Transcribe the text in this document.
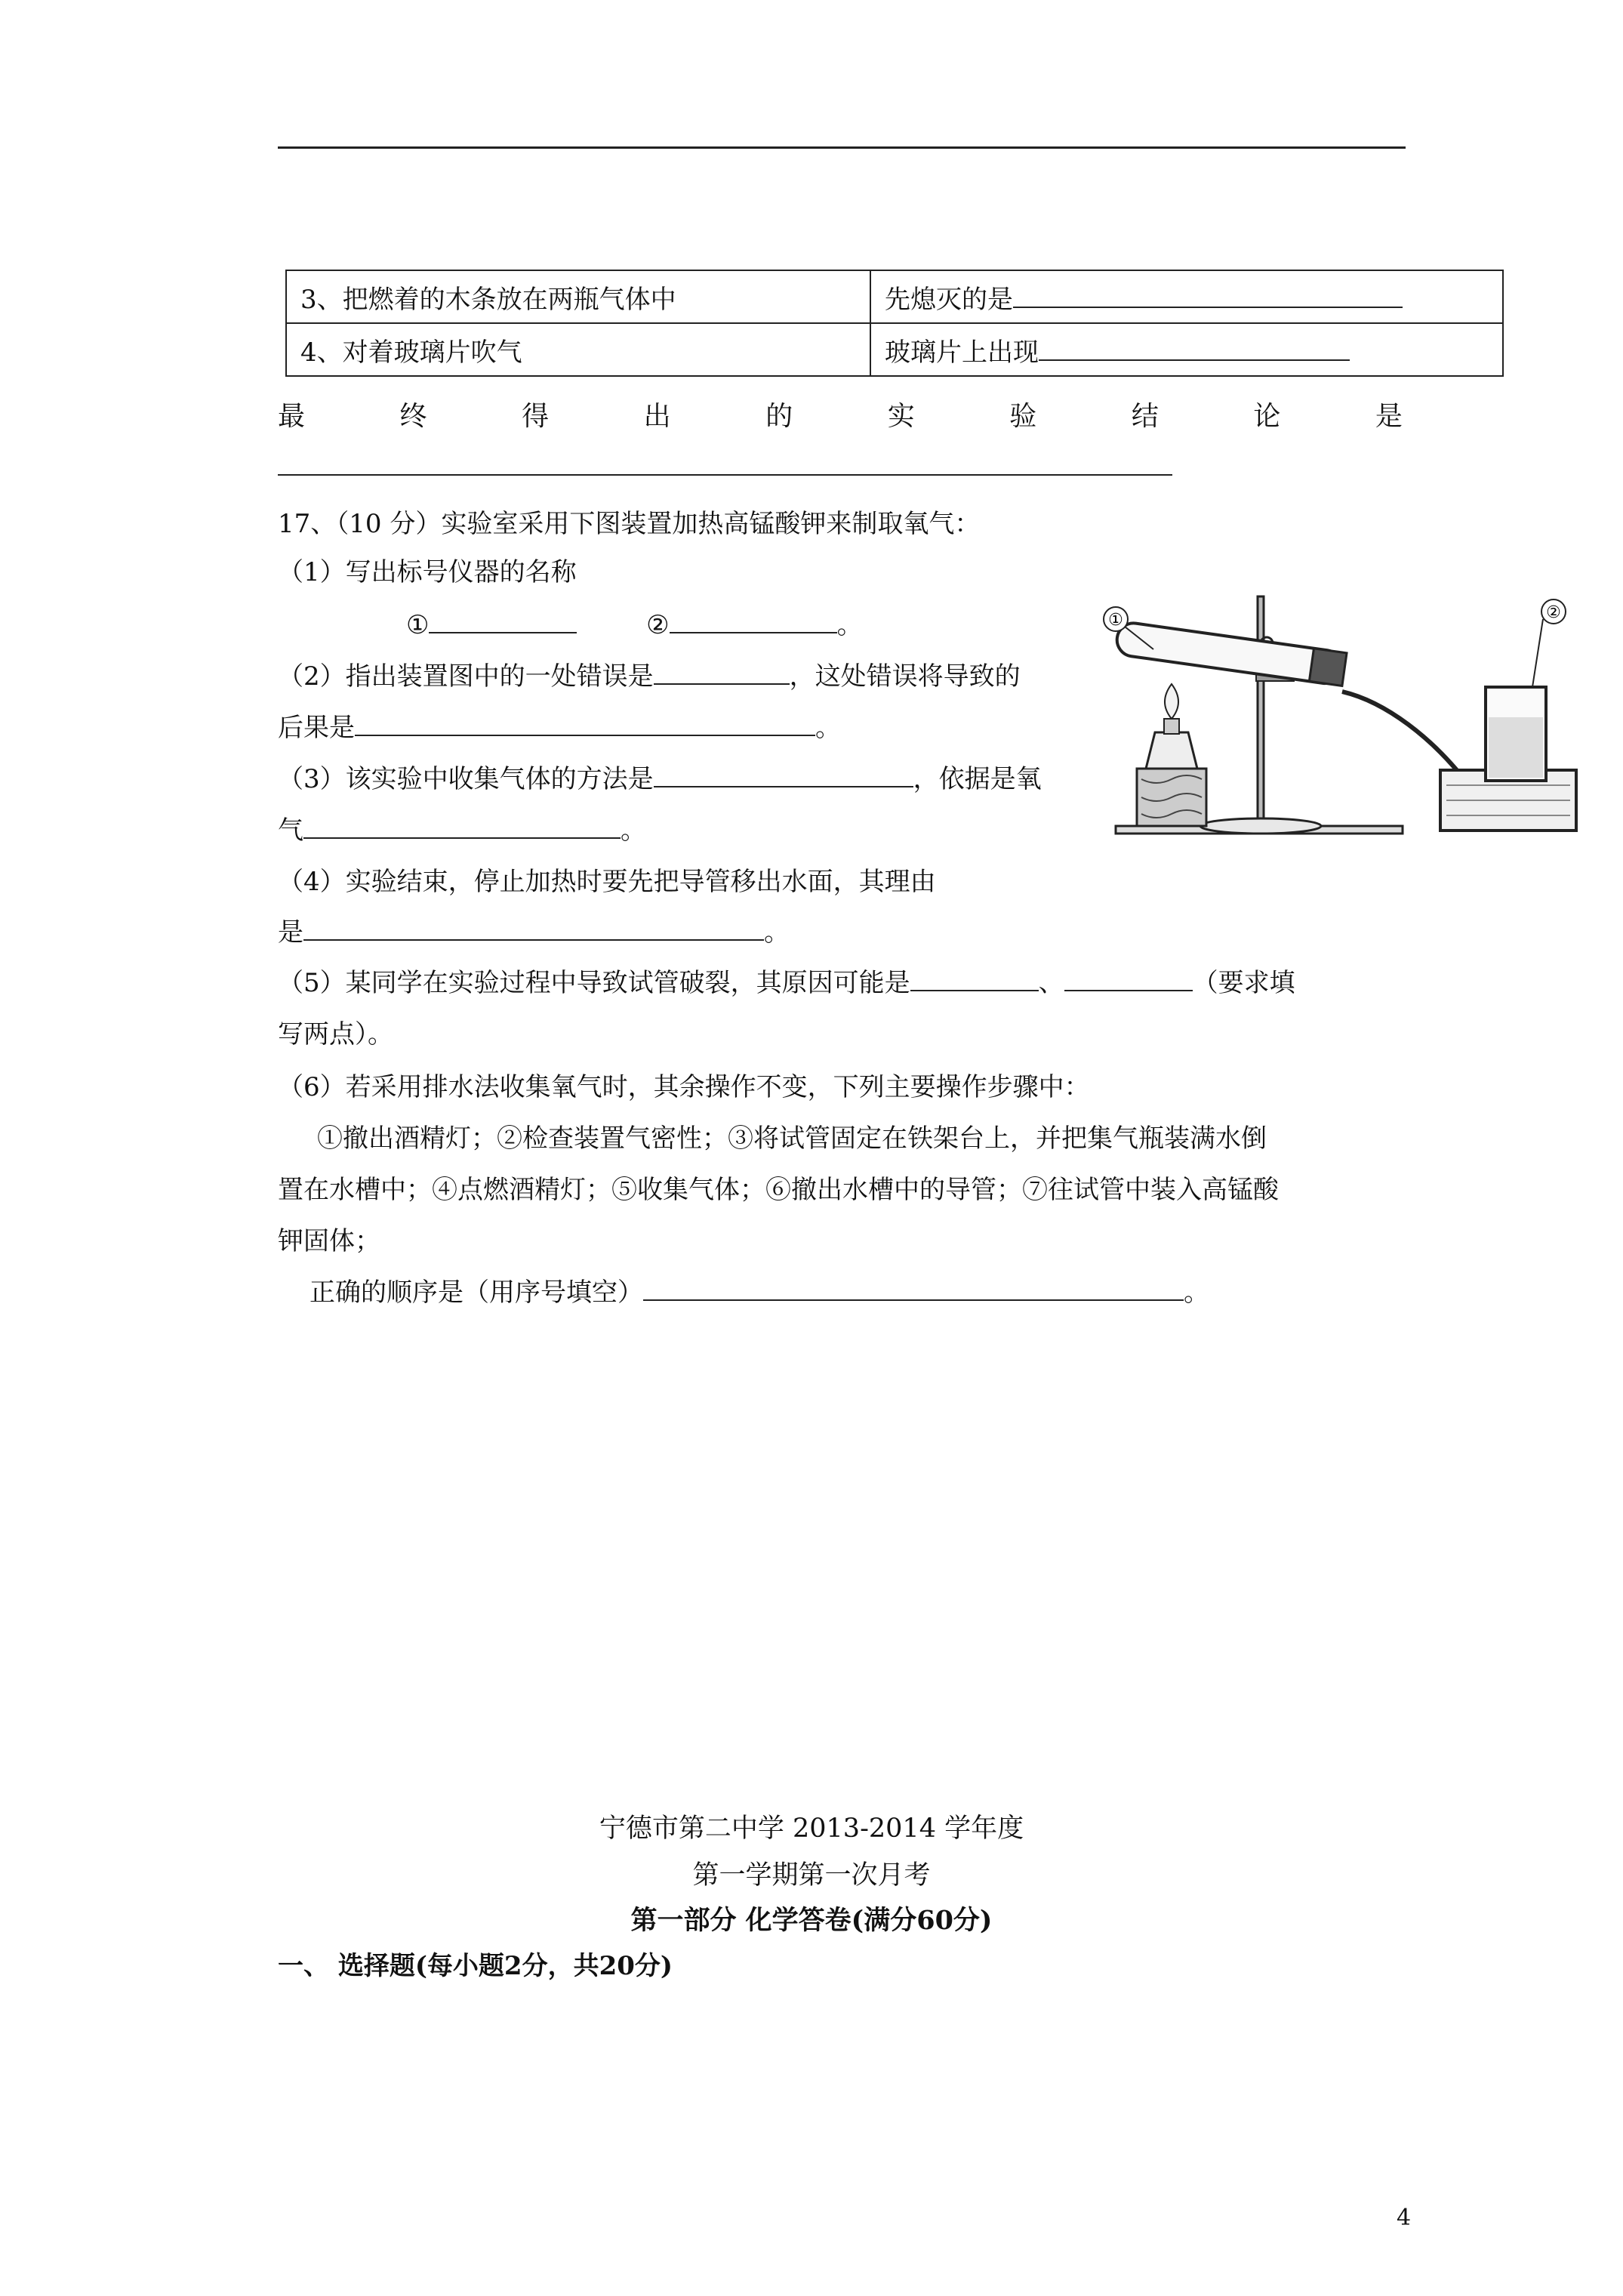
3、把燃着的木条放在两瓶气体中	先熄灭的是
4、对着玻璃片吹气	玻璃片上出现
最	终	得	出	的	实	验	结	论	是
17、（10 分）实验室采用下图装置加热高锰酸钾来制取氧气：
（1）写出标号仪器的名称
①	②	。
（2）指出装置图中的一处错误是	，这处错误将导致的
后果是	。
（3）该实验中收集气体的方法是	，依据是氧
气	。
（4）实验结束，停止加热时要先把导管移出水面，其理由
是	。
（5）某同学在实验过程中导致试管破裂，其原因可能是	、	（要求填
写两点）。
（6）若采用排水法收集氧气时，其余操作不变，下列主要操作步骤中：
①撤出酒精灯；②检查装置气密性；③将试管固定在铁架台上，并把集气瓶装满水倒
置在水槽中；④点燃酒精灯；⑤收集气体；⑥撤出水槽中的导管；⑦往试管中装入高锰酸
钾固体；
正确的顺序是（用序号填空）	。
①	②
宁德市第二中学 2013-2014 学年度
第一学期第一次月考
第一部分 化学答卷(满分60分)
一、 选择题(每小题2分，共20分)
4
